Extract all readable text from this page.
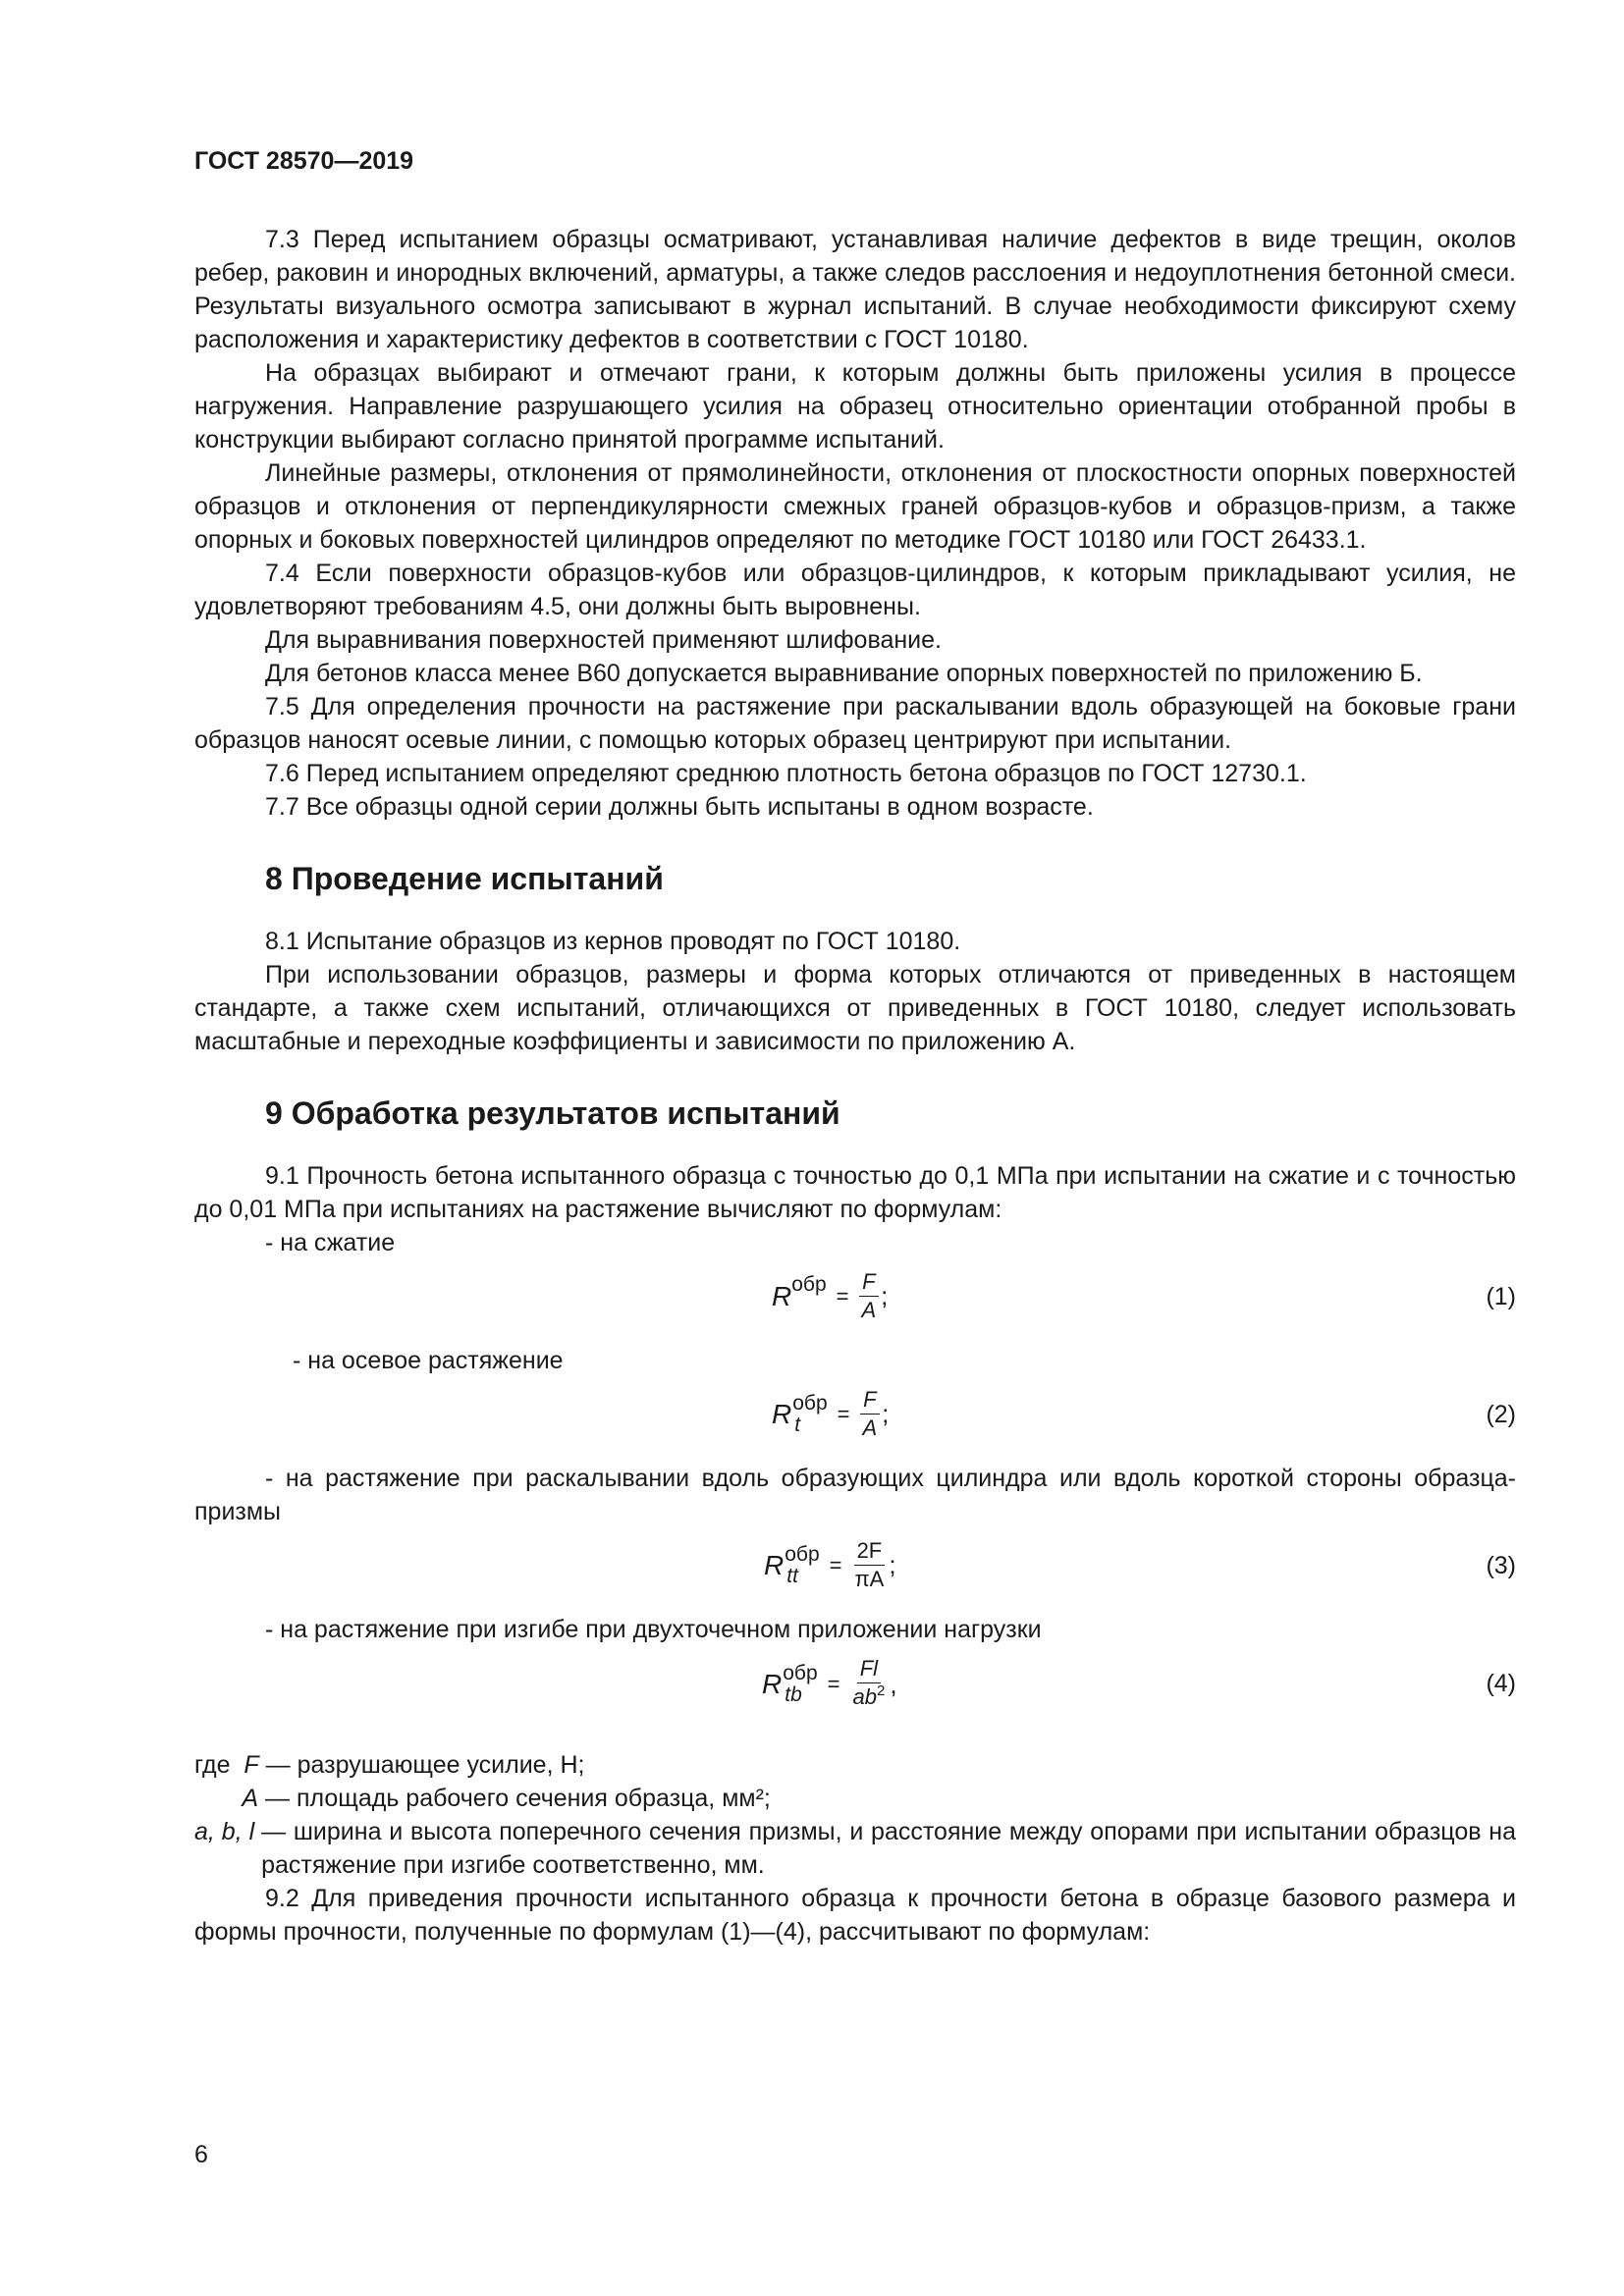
ГОСТ 28570—2019

7.3 Перед испытанием образцы осматривают, устанавливая наличие дефектов в виде трещин, околов ребер, раковин и инородных включений, арматуры, а также следов расслоения и недоуплотнения бетонной смеси. Результаты визуального осмотра записывают в журнал испытаний. В случае необходимости фиксируют схему расположения и характеристику дефектов в соответствии с ГОСТ 10180.

На образцах выбирают и отмечают грани, к которым должны быть приложены усилия в процессе нагружения. Направление разрушающего усилия на образец относительно ориентации отобранной пробы в конструкции выбирают согласно принятой программе испытаний.

Линейные размеры, отклонения от прямолинейности, отклонения от плоскостности опорных поверхностей образцов и отклонения от перпендикулярности смежных граней образцов-кубов и образцов-призм, а также опорных и боковых поверхностей цилиндров определяют по методике ГОСТ 10180 или ГОСТ 26433.1.

7.4 Если поверхности образцов-кубов или образцов-цилиндров, к которым прикладывают усилия, не удовлетворяют требованиям 4.5, они должны быть выровнены.

Для выравнивания поверхностей применяют шлифование.

Для бетонов класса менее В60 допускается выравнивание опорных поверхностей по приложению Б.

7.5 Для определения прочности на растяжение при раскалывании вдоль образующей на боковые грани образцов наносят осевые линии, с помощью которых образец центрируют при испытании.

7.6 Перед испытанием определяют среднюю плотность бетона образцов по ГОСТ 12730.1.

7.7 Все образцы одной серии должны быть испытаны в одном возрасте.

8 Проведение испытаний

8.1 Испытание образцов из кернов проводят по ГОСТ 10180.

При использовании образцов, размеры и форма которых отличаются от приведенных в настоящем стандарте, а также схем испытаний, отличающихся от приведенных в ГОСТ 10180, следует использовать масштабные и переходные коэффициенты и зависимости по приложению А.

9 Обработка результатов испытаний

9.1 Прочность бетона испытанного образца с точностью до 0,1 МПа при испытании на сжатие и с точностью до 0,01 МПа при испытаниях на растяжение вычисляют по формулам:

- на сжатие

R обр = $\frac{F}{A}$ ;	(1)

- на осевое растяжение

R обр
t	= $\frac{F}{A}$ ;	(2)

- на растяжение при раскалывании вдоль образующих цилиндра или вдоль короткой стороны образца-призмы

R обр
tt	= $\frac{2F}{\pi A}$ ;	(3)

- на растяжение при изгибе при двухточечном приложении нагрузки

R обр
tb	= $\frac{Fl}{ab^2}$ ,	(4)
где F — разрушающее усилие, Н;
A — площадь рабочего сечения образца, мм²;
a, b, l — ширина и высота поперечного сечения призмы, и расстояние между опорами при испытании образцов на растяжение при изгибе соответственно, мм.

9.2 Для приведения прочности испытанного образца к прочности бетона в образце базового размера и формы прочности, полученные по формулам (1)—(4), рассчитывают по формулам:

6
